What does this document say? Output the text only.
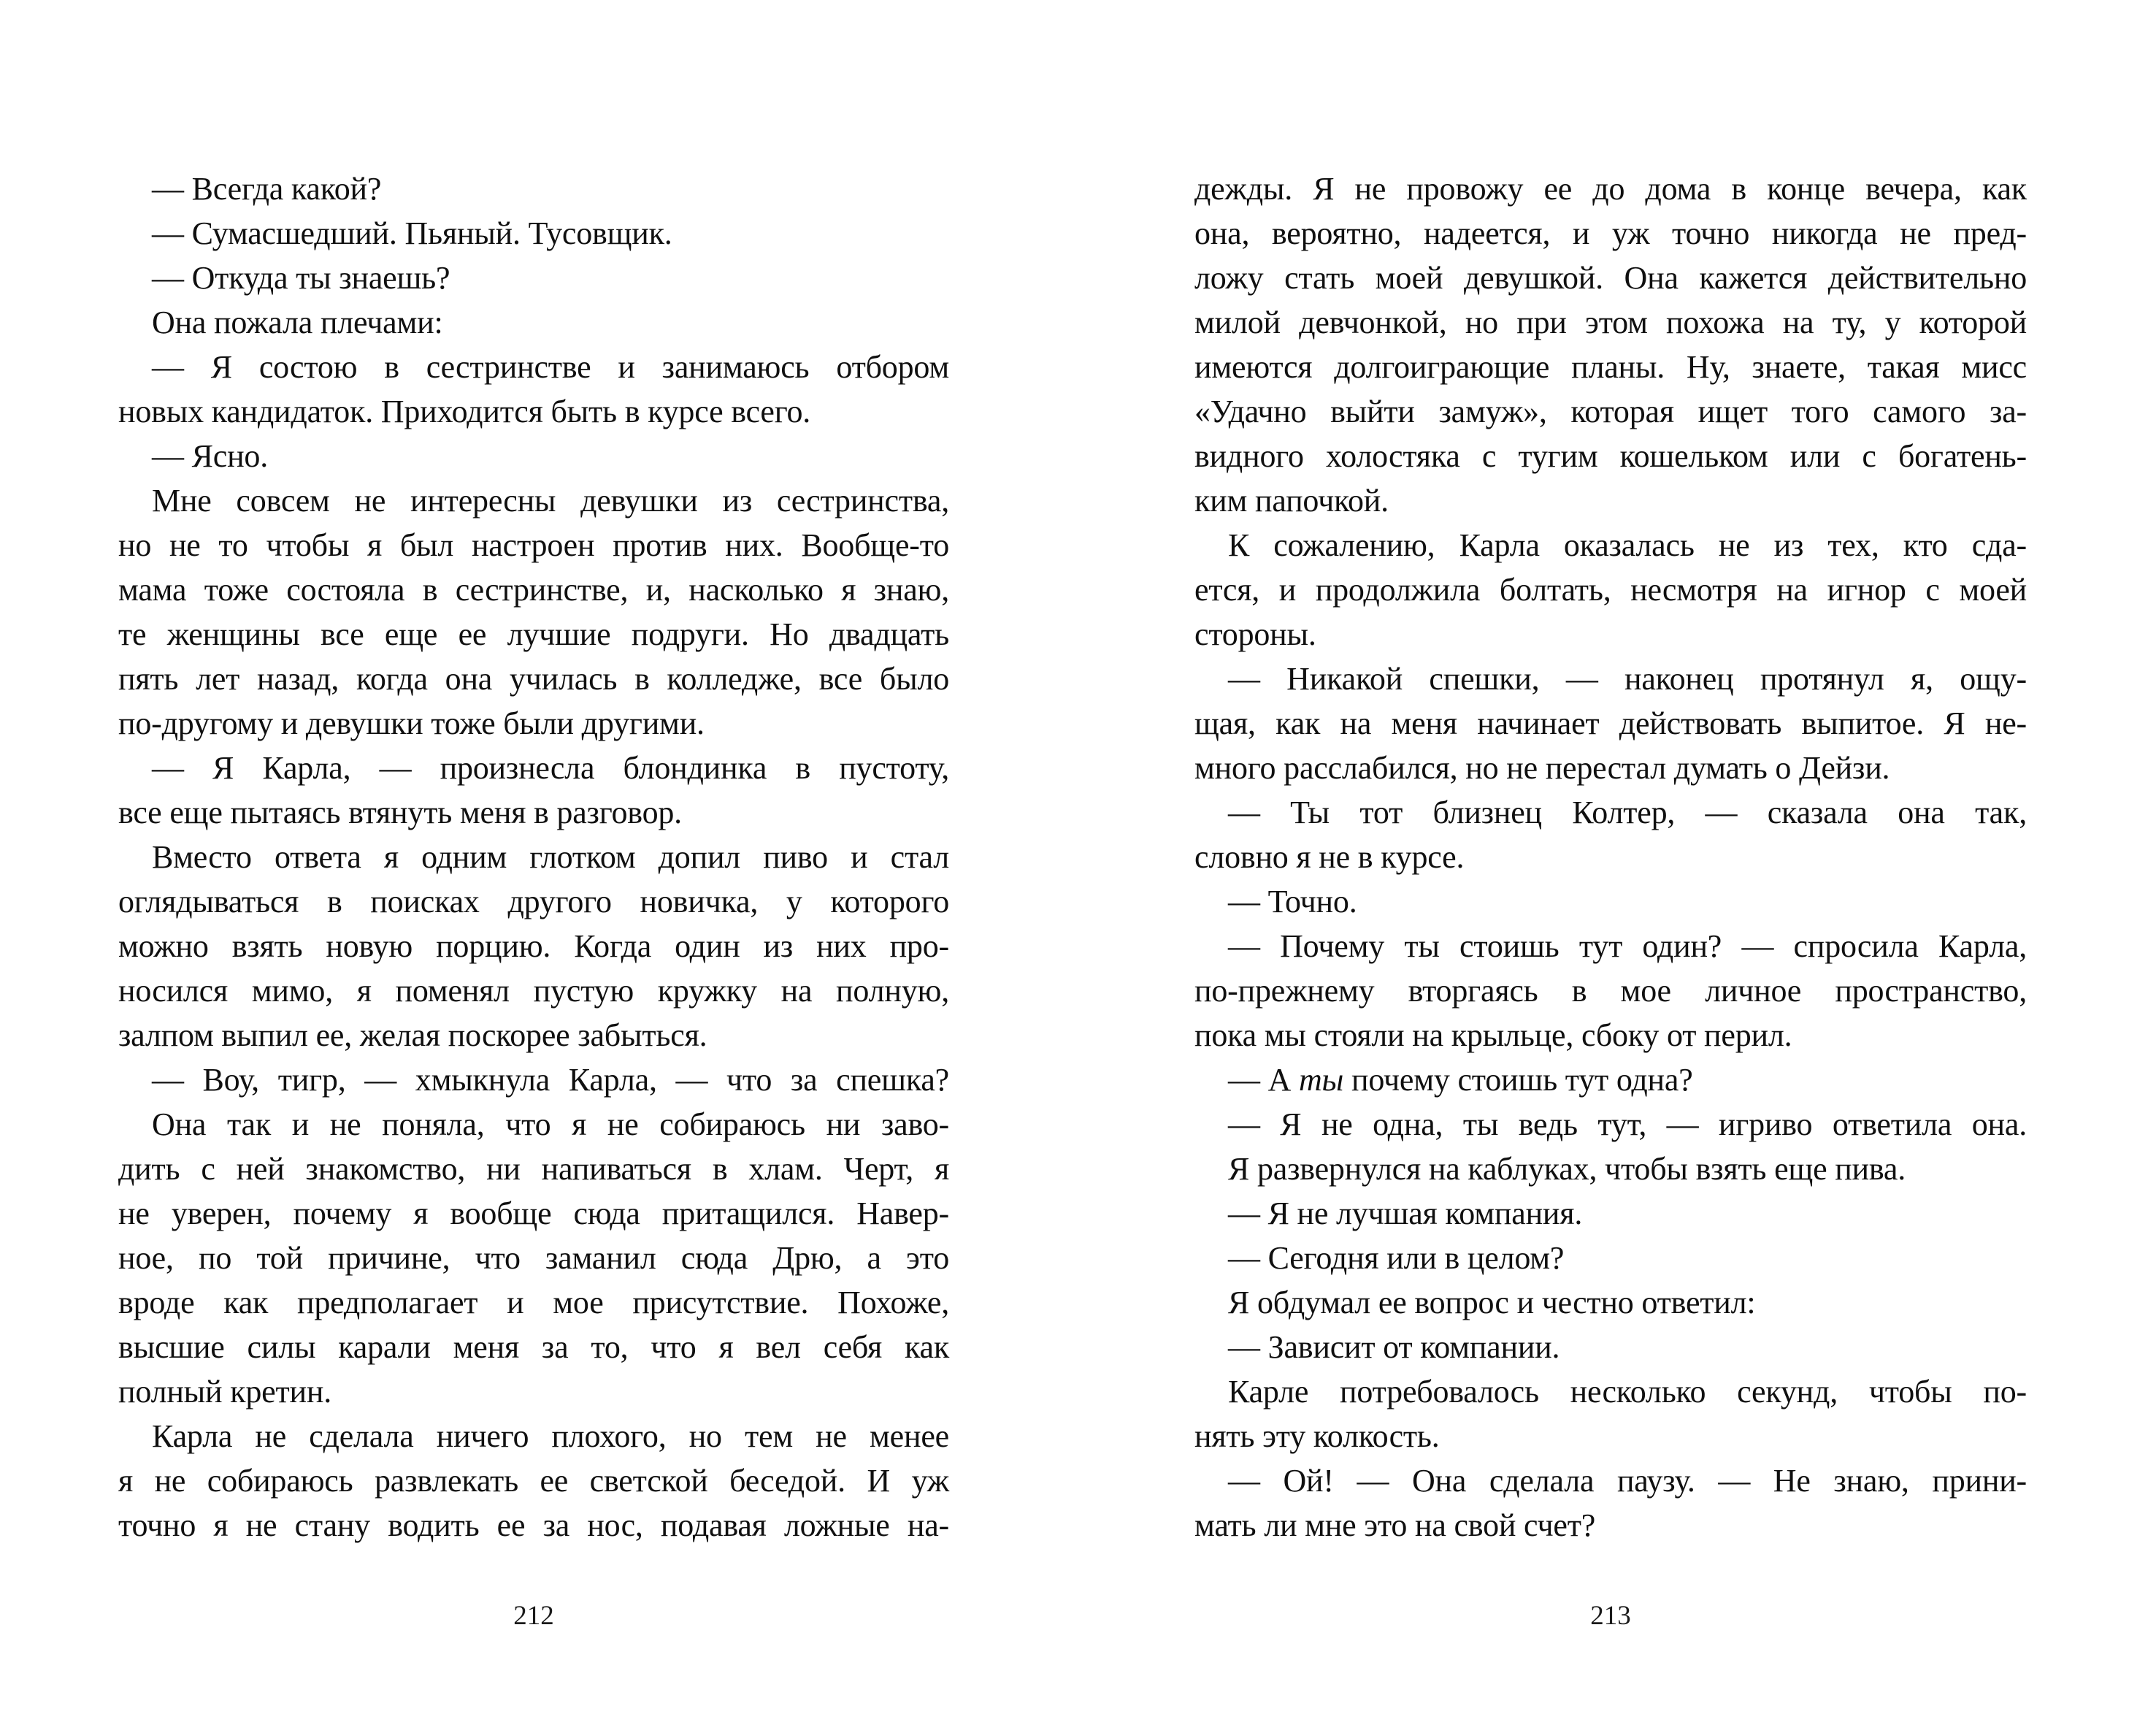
— Всегда какой?
— Сумасшедший. Пьяный. Тусовщик.
— Откуда ты знаешь?
Она пожала плечами:
— Я состою в сестринстве и занимаюсь отбором
новых кандидаток. Приходится быть в курсе всего.
— Ясно.
Мне совсем не интересны девушки из сестринства,
но не то чтобы я был настроен против них. Вообще-то
мама тоже состояла в сестринстве, и, насколько я знаю,
те женщины все еще ее лучшие подруги. Но двадцать
пять лет назад, когда она училась в колледже, все было
по-другому и девушки тоже были другими.
— Я Карла, — произнесла блондинка в пустоту,
все еще пытаясь втянуть меня в разговор.
Вместо ответа я одним глотком допил пиво и стал
оглядываться в поисках другого новичка, у которого
можно взять новую порцию. Когда один из них про-
носился мимо, я поменял пустую кружку на полную,
залпом выпил ее, желая поскорее забыться.
— Воу, тигр, — хмыкнула Карла, — что за спешка?
Она так и не поняла, что я не собираюсь ни заво-
дить с ней знакомство, ни напиваться в хлам. Черт, я
не уверен, почему я вообще сюда притащился. Навер-
ное, по той причине, что заманил сюда Дрю, а это
вроде как предполагает и мое присутствие. Похоже,
высшие силы карали меня за то, что я вел себя как
полный кретин.
Карла не сделала ничего плохого, но тем не менее
я не собираюсь развлекать ее светской беседой. И уж
точно я не стану водить ее за нос, подавая ложные на-
дежды. Я не провожу ее до дома в конце вечера, как
она, вероятно, надеется, и уж точно никогда не пред-
ложу стать моей девушкой. Она кажется действительно
милой девчонкой, но при этом похожа на ту, у которой
имеются долгоиграющие планы. Ну, знаете, такая мисс
«Удачно выйти замуж», которая ищет того самого за-
видного холостяка с тугим кошельком или с богатень-
ким папочкой.
К сожалению, Карла оказалась не из тех, кто сда-
ется, и продолжила болтать, несмотря на игнор с моей
стороны.
— Никакой спешки, — наконец протянул я, ощу-
щая, как на меня начинает действовать выпитое. Я не-
много расслабился, но не перестал думать о Дейзи.
— Ты тот близнец Колтер, — сказала она так,
словно я не в курсе.
— Точно.
— Почему ты стоишь тут один? — спросила Карла,
по-прежнему вторгаясь в мое личное пространство,
пока мы стояли на крыльце, сбоку от перил.
— А ты почему стоишь тут одна?
— Я не одна, ты ведь тут, — игриво ответила она.
Я развернулся на каблуках, чтобы взять еще пива.
— Я не лучшая компания.
— Сегодня или в целом?
Я обдумал ее вопрос и честно ответил:
— Зависит от компании.
Карле потребовалось несколько секунд, чтобы по-
нять эту колкость.
— Ой! — Она сделала паузу. — Не знаю, прини-
мать ли мне это на свой счет?
212	213
